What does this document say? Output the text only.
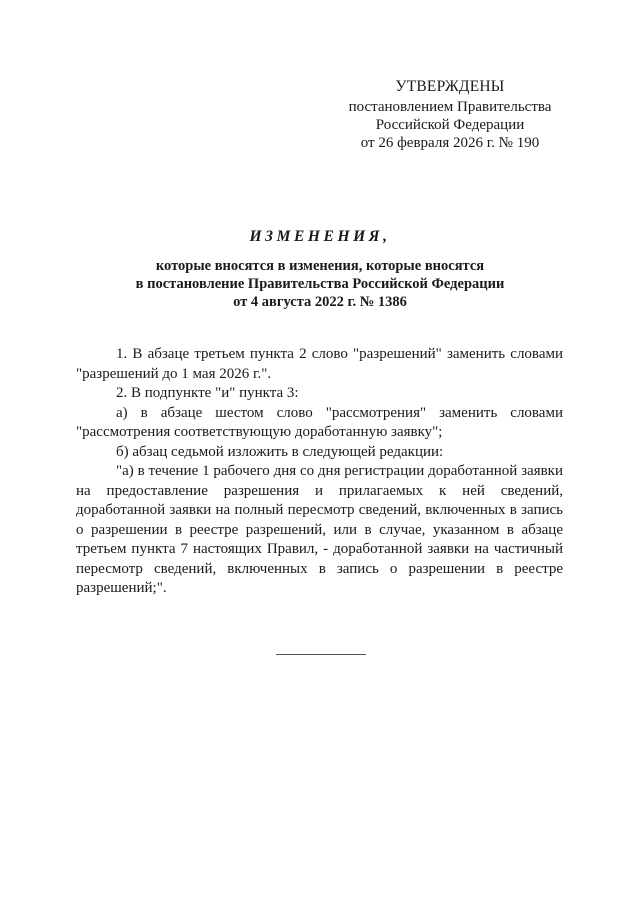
УТВЕРЖДЕНЫ
постановлением Правительства
Российской Федерации
от 26 февраля 2026 г. № 190
ИЗМЕНЕНИЯ,
которые вносятся в изменения, которые вносятся
в постановление Правительства Российской Федерации
от 4 августа 2022 г. № 1386

1. В абзаце третьем пункта 2 слово "разрешений" заменить словами "разрешений до 1 мая 2026 г.".

2. В подпункте "и" пункта 3:

а) в абзаце шестом слово "рассмотрения" заменить словами "рассмотрения соответствующую доработанную заявку";

б) абзац седьмой изложить в следующей редакции:

"а) в течение 1 рабочего дня со дня регистрации доработанной заявки на предоставление разрешения и прилагаемых к ней сведений, доработанной заявки на полный пересмотр сведений, включенных в запись о разрешении в реестре разрешений, или в случае, указанном в абзаце третьем пункта 7 настоящих Правил, - доработанной заявки на частичный пересмотр сведений, включенных в запись о разрешении в реестре разрешений;".
